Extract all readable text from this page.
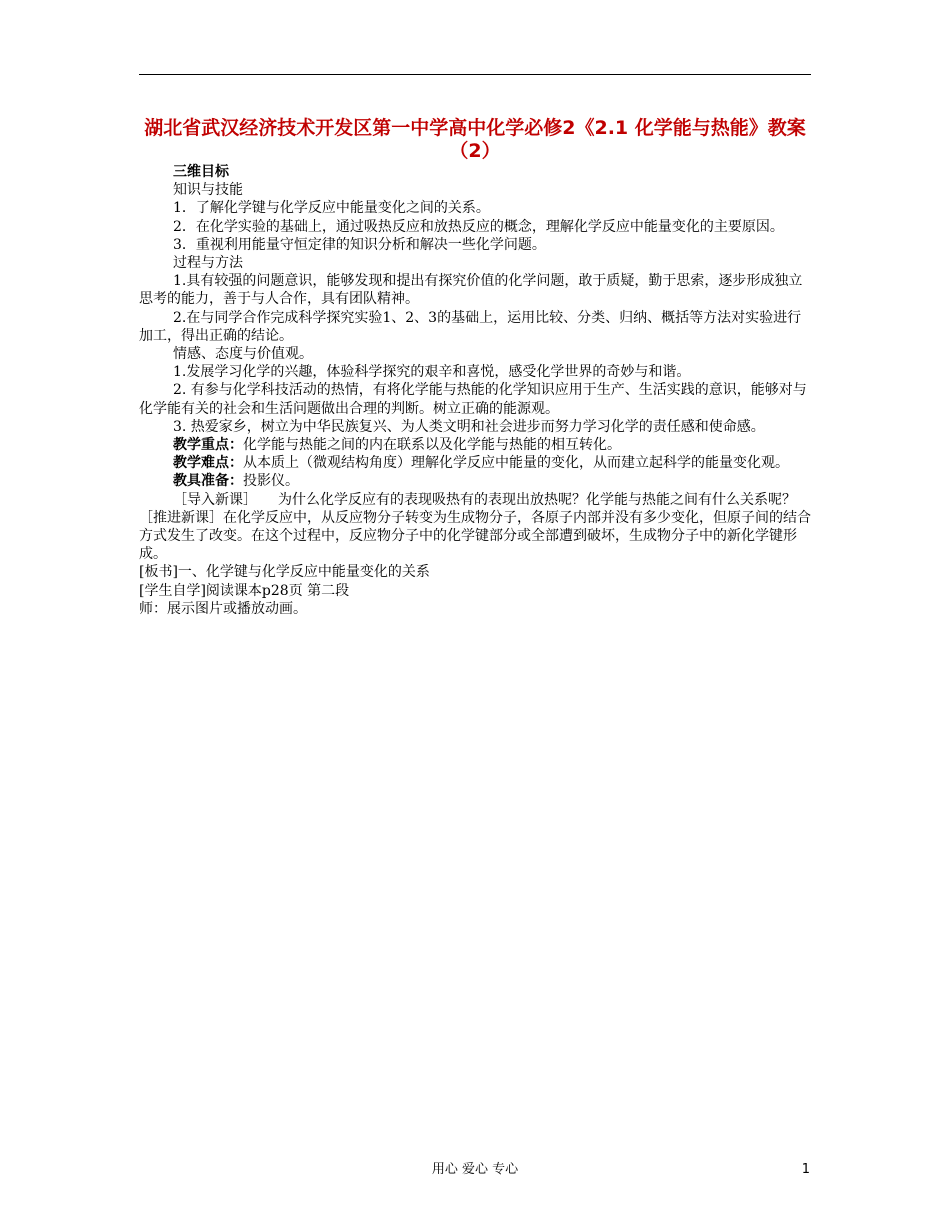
湖北省武汉经济技术开发区第一中学高中化学必修2《2.1 化学能与热能》教案（2）

三维目标

知识与技能

1．了解化学键与化学反应中能量变化之间的关系。

2．在化学实验的基础上，通过吸热反应和放热反应的概念，理解化学反应中能量变化的主要原因。

3．重视利用能量守恒定律的知识分析和解决一些化学问题。

过程与方法

1.具有较强的问题意识，能够发现和提出有探究价值的化学问题，敢于质疑，勤于思索，逐步形成独立思考的能力，善于与人合作，具有团队精神。

2.在与同学合作完成科学探究实验1、2、3的基础上，运用比较、分类、归纳、概括等方法对实验进行加工，得出正确的结论。

情感、态度与价值观。

1.发展学习化学的兴趣，体验科学探究的艰辛和喜悦，感受化学世界的奇妙与和谐。

2. 有参与化学科技活动的热情，有将化学能与热能的化学知识应用于生产、生活实践的意识，能够对与化学能有关的社会和生活问题做出合理的判断。树立正确的能源观。

3. 热爱家乡，树立为中华民族复兴、为人类文明和社会进步而努力学习化学的责任感和使命感。

教学重点：化学能与热能之间的内在联系以及化学能与热能的相互转化。

教学难点：从本质上（微观结构角度）理解化学反应中能量的变化，从而建立起科学的能量变化观。

教具准备：投影仪。

［导入新课］　　为什么化学反应有的表现吸热有的表现出放热呢？化学能与热能之间有什么关系呢？

［推进新课］在化学反应中，从反应物分子转变为生成物分子，各原子内部并没有多少变化，但原子间的结合方式发生了改变。在这个过程中，反应物分子中的化学键部分或全部遭到破坏，生成物分子中的新化学键形成。

[板书]一、化学键与化学反应中能量变化的关系

[学生自学]阅读课本p28页 第二段

师：展示图片或播放动画。

用心 爱心 专心	1
